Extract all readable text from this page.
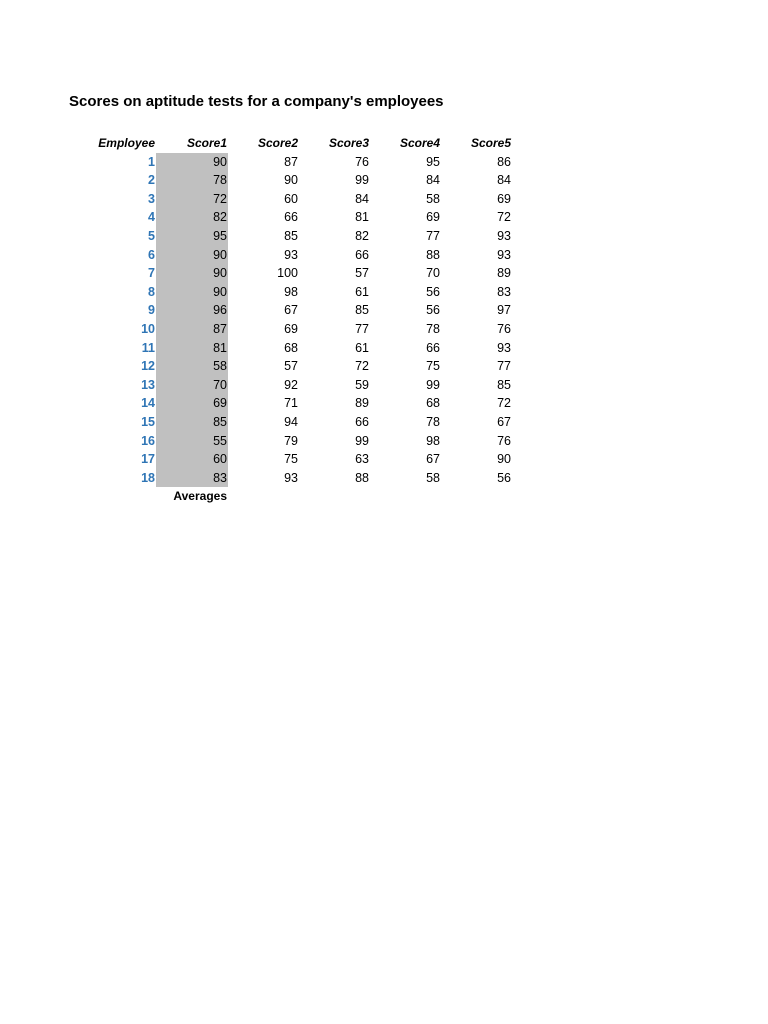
Scores on aptitude tests for a company's employees
Employee	Score1	Score2	Score3	Score4	Score5
1	90	87	76	95	86
2	78	90	99	84	84
3	72	60	84	58	69
4	82	66	81	69	72
5	95	85	82	77	93
6	90	93	66	88	93
7	90	100	57	70	89
8	90	98	61	56	83
9	96	67	85	56	97
10	87	69	77	78	76
11	81	68	61	66	93
12	58	57	72	75	77
13	70	92	59	99	85
14	69	71	89	68	72
15	85	94	66	78	67
16	55	79	99	98	76
17	60	75	63	67	90
18	83	93	88	58	56
Averages					
